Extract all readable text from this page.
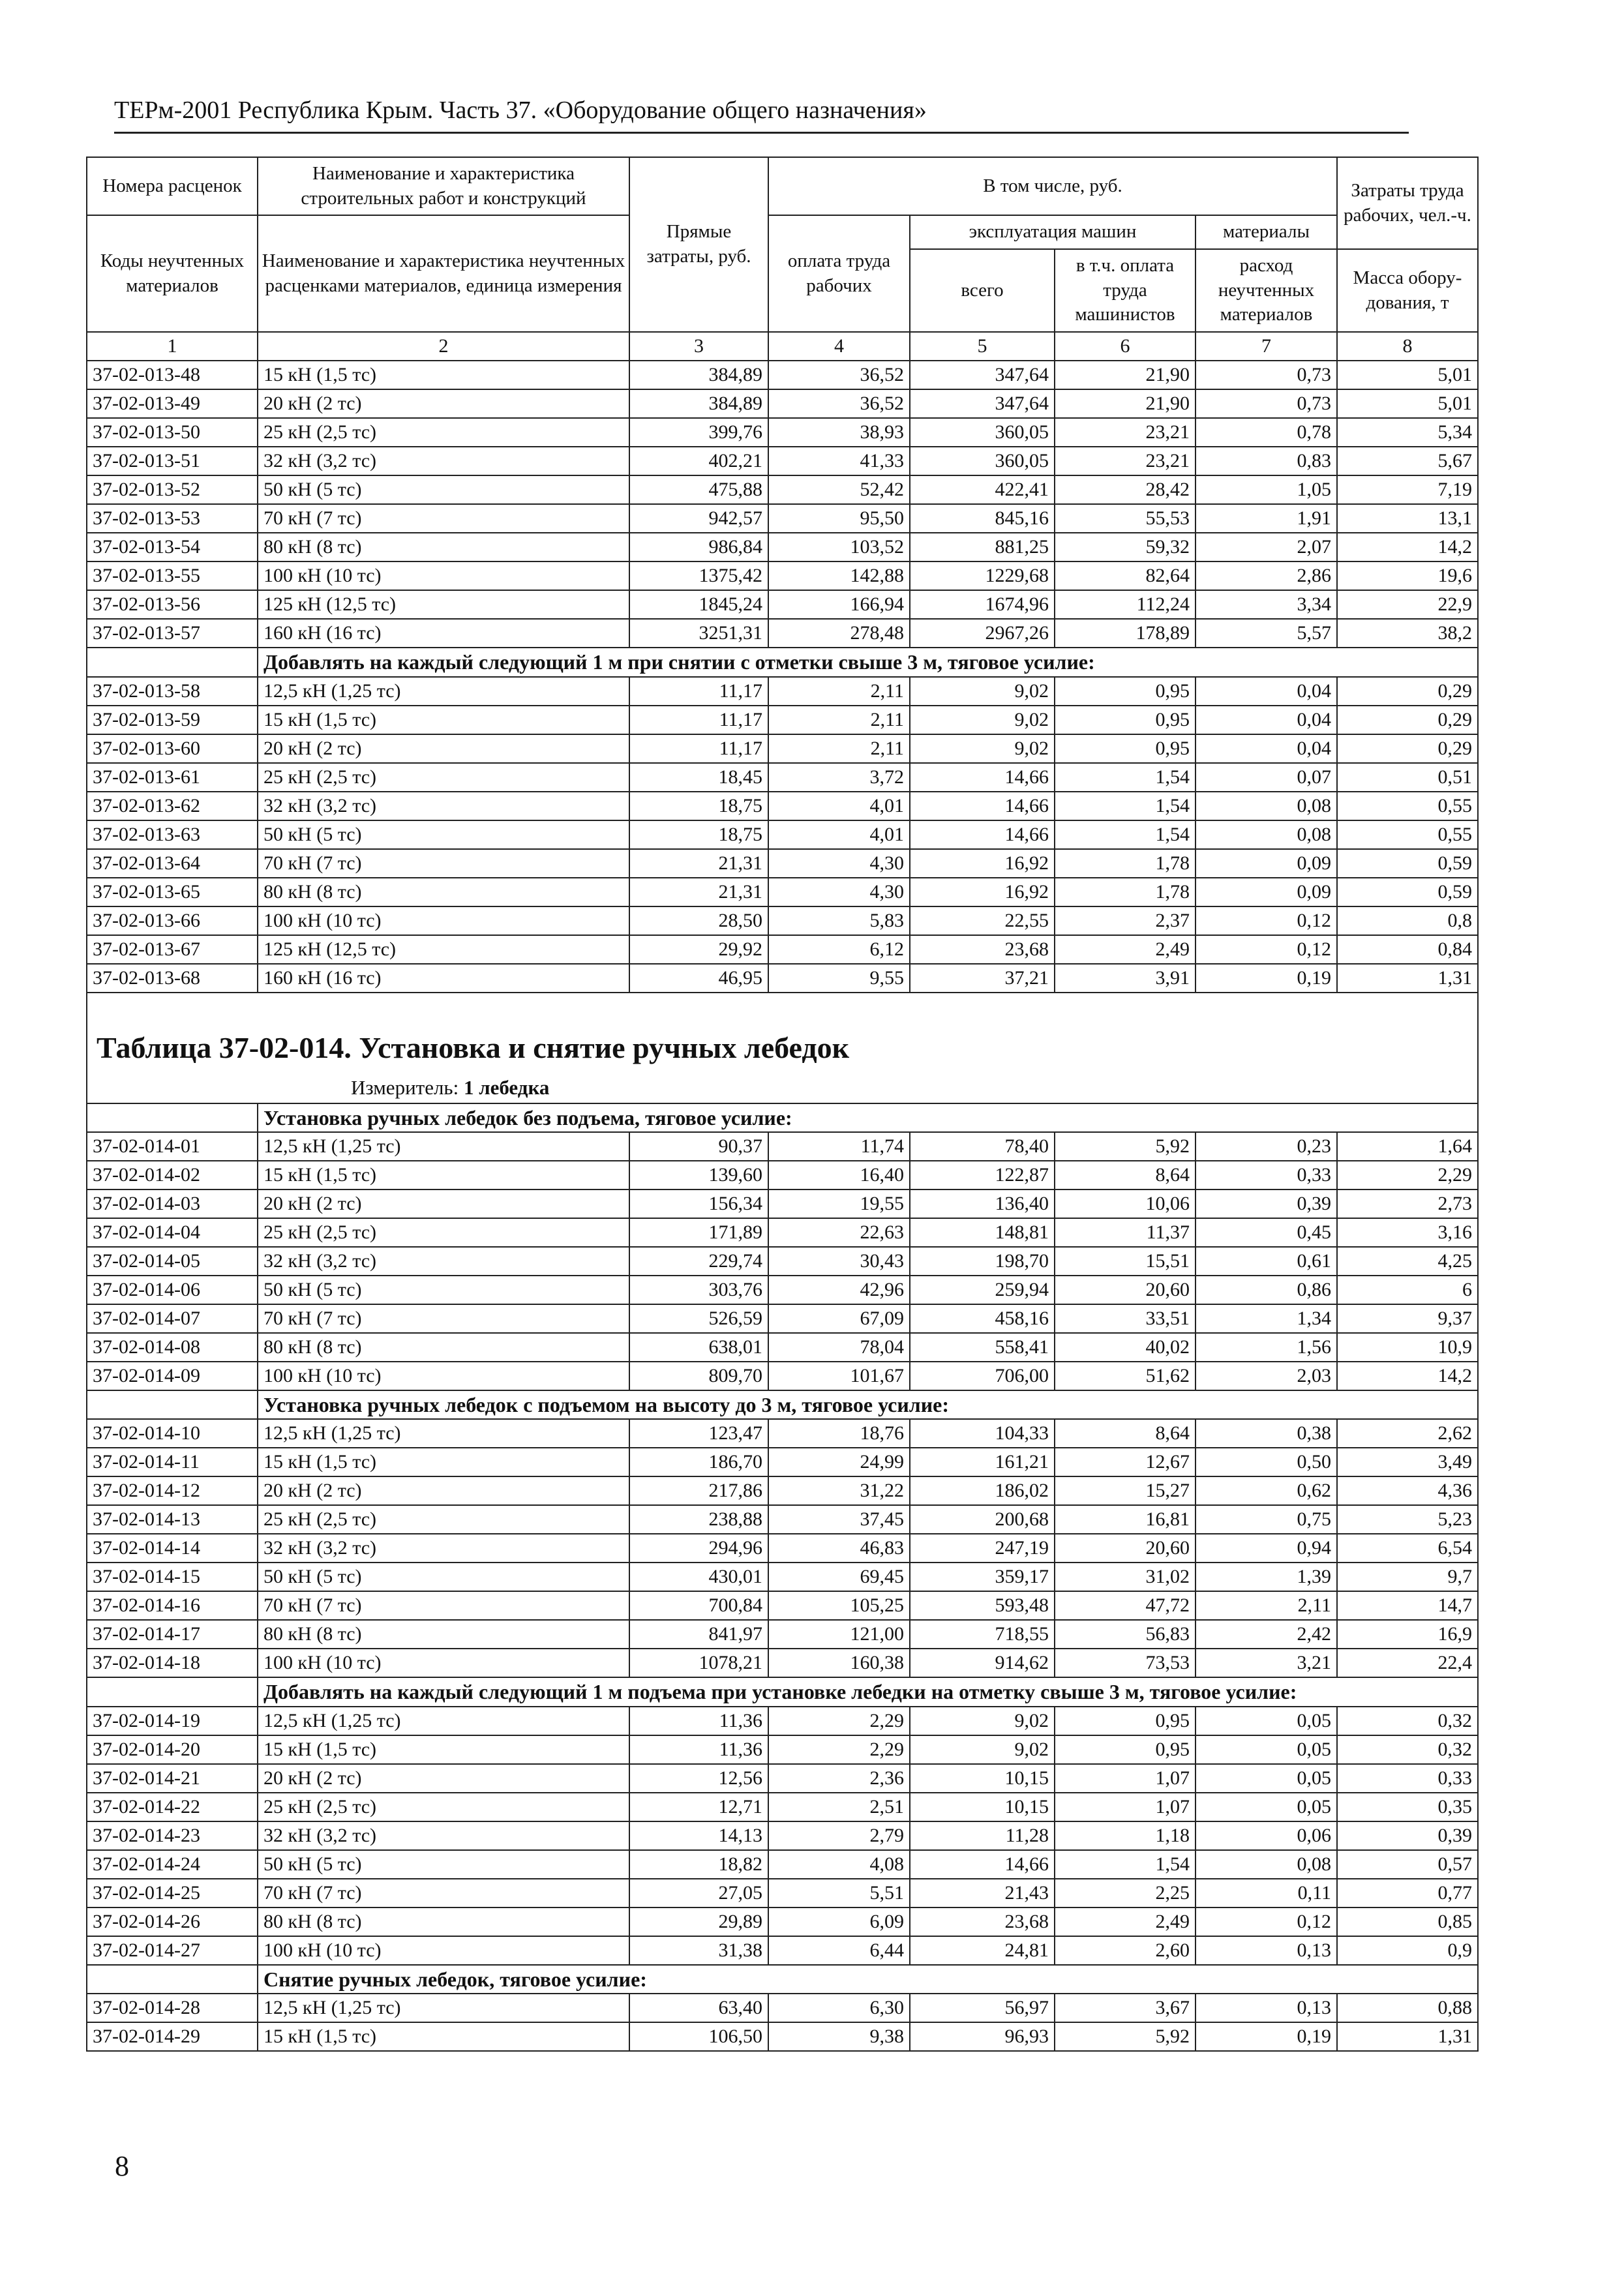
ТЕРм-2001 Республика Крым. Часть 37. «Оборудование общего назначения»
Номера расценок	Наименование и характеристика строительных работ и конструкций	Прямые затраты, руб.	В том числе, руб.				Затраты труда рабочих, чел.-ч.
Коды неучтенных материалов	Наименование и характеристика неучтенных расценками материалов, единица измерения		оплата труда рабочих	эксплуатация машин		материалы	
				всего	в т.ч. оплата труда машинистов	расход неучтенных материалов	Масса обору-дования, т
1	2	3	4	5	6	7	8
37-02-013-48	15 кН (1,5 тс)	384,89	36,52	347,64	21,90	0,73	5,01
37-02-013-49	20 кН (2 тс)	384,89	36,52	347,64	21,90	0,73	5,01
37-02-013-50	25 кН (2,5 тс)	399,76	38,93	360,05	23,21	0,78	5,34
37-02-013-51	32 кН (3,2 тс)	402,21	41,33	360,05	23,21	0,83	5,67
37-02-013-52	50 кН (5 тс)	475,88	52,42	422,41	28,42	1,05	7,19
37-02-013-53	70 кН (7 тс)	942,57	95,50	845,16	55,53	1,91	13,1
37-02-013-54	80 кН (8 тс)	986,84	103,52	881,25	59,32	2,07	14,2
37-02-013-55	100 кН (10 тс)	1375,42	142,88	1229,68	82,64	2,86	19,6
37-02-013-56	125 кН (12,5 тс)	1845,24	166,94	1674,96	112,24	3,34	22,9
37-02-013-57	160 кН (16 тс)	3251,31	278,48	2967,26	178,89	5,57	38,2
	Добавлять на каждый следующий 1 м при снятии с отметки свыше 3 м, тяговое усилие:						
37-02-013-58	12,5 кН (1,25 тс)	11,17	2,11	9,02	0,95	0,04	0,29
37-02-013-59	15 кН (1,5 тс)	11,17	2,11	9,02	0,95	0,04	0,29
37-02-013-60	20 кН (2 тс)	11,17	2,11	9,02	0,95	0,04	0,29
37-02-013-61	25 кН (2,5 тс)	18,45	3,72	14,66	1,54	0,07	0,51
37-02-013-62	32 кН (3,2 тс)	18,75	4,01	14,66	1,54	0,08	0,55
37-02-013-63	50 кН (5 тс)	18,75	4,01	14,66	1,54	0,08	0,55
37-02-013-64	70 кН (7 тс)	21,31	4,30	16,92	1,78	0,09	0,59
37-02-013-65	80 кН (8 тс)	21,31	4,30	16,92	1,78	0,09	0,59
37-02-013-66	100 кН (10 тс)	28,50	5,83	22,55	2,37	0,12	0,8
37-02-013-67	125 кН (12,5 тс)	29,92	6,12	23,68	2,49	0,12	0,84
37-02-013-68	160 кН (16 тс)	46,95	9,55	37,21	3,91	0,19	1,31

Таблица 37-02-014. Установка и снятие ручных лебедок							
Измеритель: 1 лебедка							
	Установка ручных лебедок без подъема, тяговое усилие:						
37-02-014-01	12,5 кН (1,25 тс)	90,37	11,74	78,40	5,92	0,23	1,64
37-02-014-02	15 кН (1,5 тс)	139,60	16,40	122,87	8,64	0,33	2,29
37-02-014-03	20 кН (2 тс)	156,34	19,55	136,40	10,06	0,39	2,73
37-02-014-04	25 кН (2,5 тс)	171,89	22,63	148,81	11,37	0,45	3,16
37-02-014-05	32 кН (3,2 тс)	229,74	30,43	198,70	15,51	0,61	4,25
37-02-014-06	50 кН (5 тс)	303,76	42,96	259,94	20,60	0,86	6
37-02-014-07	70 кН (7 тс)	526,59	67,09	458,16	33,51	1,34	9,37
37-02-014-08	80 кН (8 тс)	638,01	78,04	558,41	40,02	1,56	10,9
37-02-014-09	100 кН (10 тс)	809,70	101,67	706,00	51,62	2,03	14,2
	Установка ручных лебедок с подъемом на высоту до 3 м, тяговое усилие:						
37-02-014-10	12,5 кН (1,25 тс)	123,47	18,76	104,33	8,64	0,38	2,62
37-02-014-11	15 кН (1,5 тс)	186,70	24,99	161,21	12,67	0,50	3,49
37-02-014-12	20 кН (2 тс)	217,86	31,22	186,02	15,27	0,62	4,36
37-02-014-13	25 кН (2,5 тс)	238,88	37,45	200,68	16,81	0,75	5,23
37-02-014-14	32 кН (3,2 тс)	294,96	46,83	247,19	20,60	0,94	6,54
37-02-014-15	50 кН (5 тс)	430,01	69,45	359,17	31,02	1,39	9,7
37-02-014-16	70 кН (7 тс)	700,84	105,25	593,48	47,72	2,11	14,7
37-02-014-17	80 кН (8 тс)	841,97	121,00	718,55	56,83	2,42	16,9
37-02-014-18	100 кН (10 тс)	1078,21	160,38	914,62	73,53	3,21	22,4
	Добавлять на каждый следующий 1 м подъема при установке лебедки на отметку свыше 3 м, тяговое усилие:						
37-02-014-19	12,5 кН (1,25 тс)	11,36	2,29	9,02	0,95	0,05	0,32
37-02-014-20	15 кН (1,5 тс)	11,36	2,29	9,02	0,95	0,05	0,32
37-02-014-21	20 кН (2 тс)	12,56	2,36	10,15	1,07	0,05	0,33
37-02-014-22	25 кН (2,5 тс)	12,71	2,51	10,15	1,07	0,05	0,35
37-02-014-23	32 кН (3,2 тс)	14,13	2,79	11,28	1,18	0,06	0,39
37-02-014-24	50 кН (5 тс)	18,82	4,08	14,66	1,54	0,08	0,57
37-02-014-25	70 кН (7 тс)	27,05	5,51	21,43	2,25	0,11	0,77
37-02-014-26	80 кН (8 тс)	29,89	6,09	23,68	2,49	0,12	0,85
37-02-014-27	100 кН (10 тс)	31,38	6,44	24,81	2,60	0,13	0,9
	Снятие ручных лебедок, тяговое усилие:						
37-02-014-28	12,5 кН (1,25 тс)	63,40	6,30	56,97	3,67	0,13	0,88
37-02-014-29	15 кН (1,5 тс)	106,50	9,38	96,93	5,92	0,19	1,31
8
